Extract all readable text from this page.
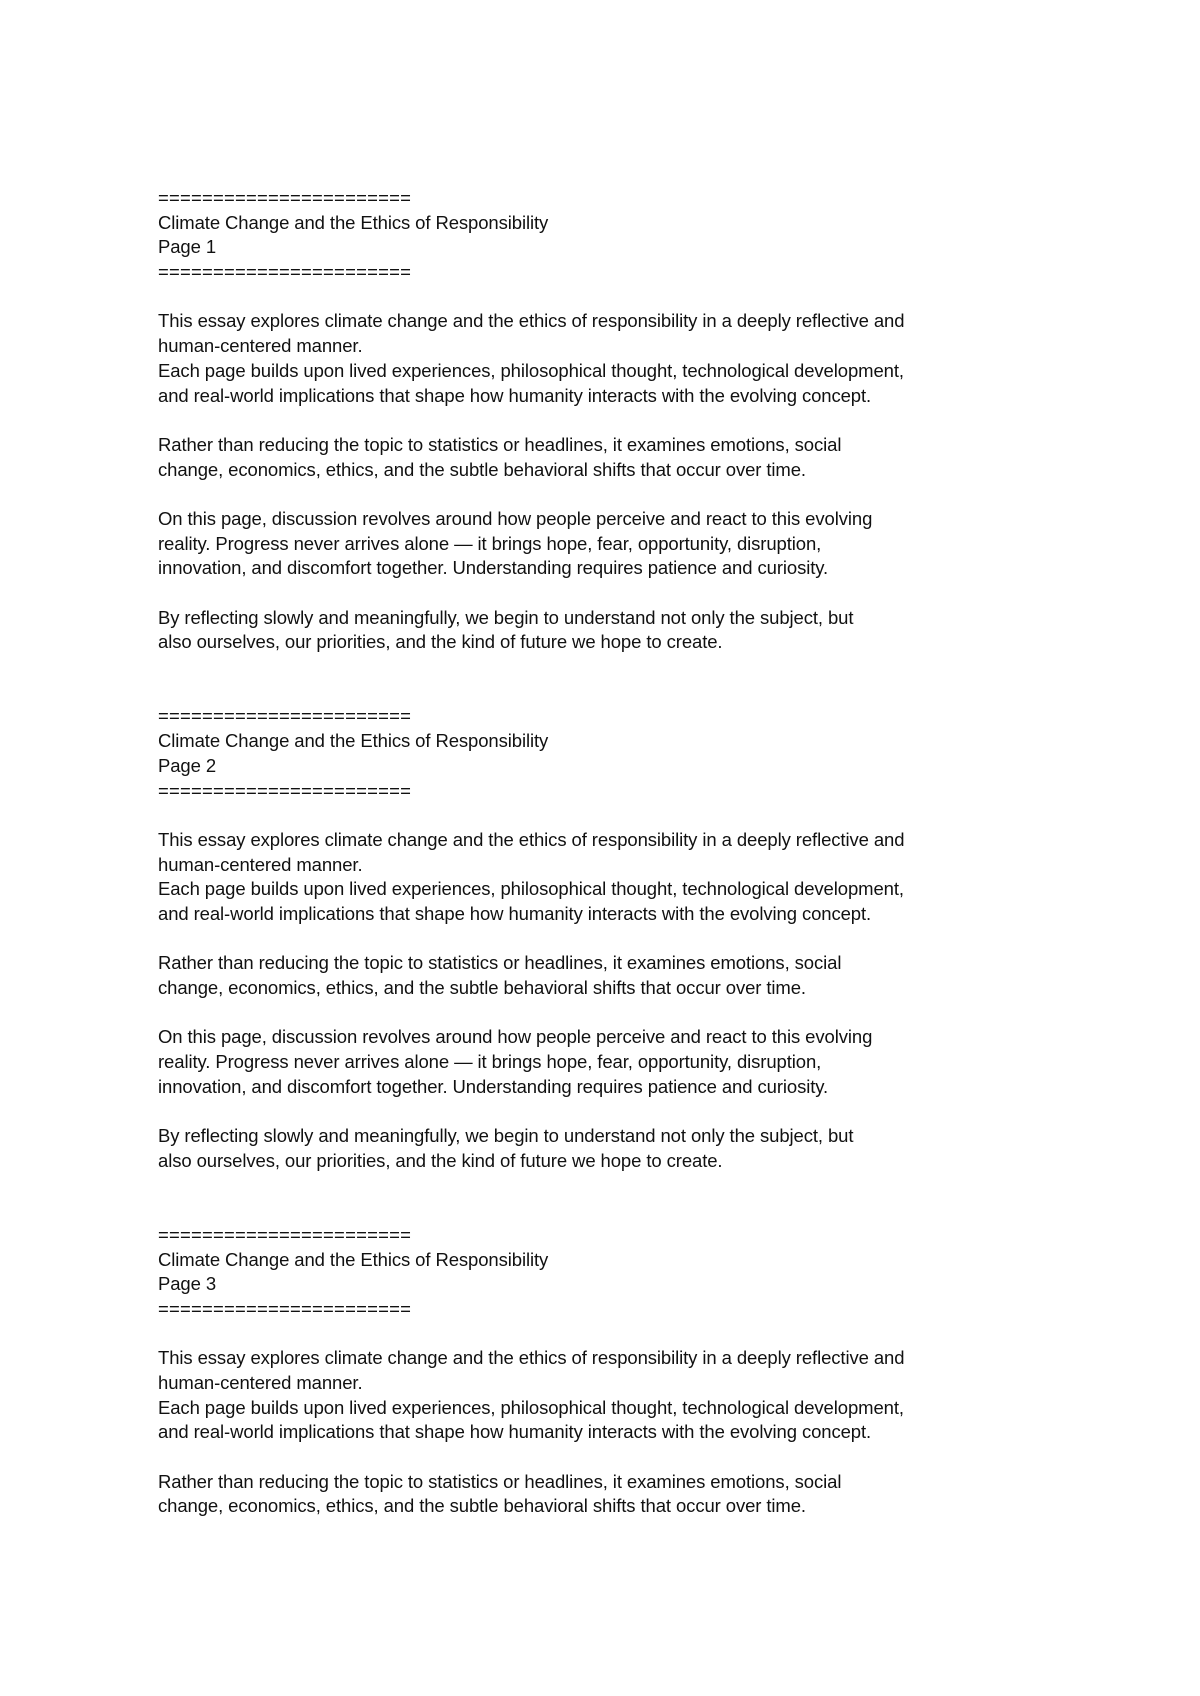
=======================
Climate Change and the Ethics of Responsibility
Page 1
=======================
This essay explores climate change and the ethics of responsibility in a deeply reflective and
human-centered manner.
Each page builds upon lived experiences, philosophical thought, technological development,
and real-world implications that shape how humanity interacts with the evolving concept.
Rather than reducing the topic to statistics or headlines, it examines emotions, social
change, economics, ethics, and the subtle behavioral shifts that occur over time.
On this page, discussion revolves around how people perceive and react to this evolving
reality. Progress never arrives alone — it brings hope, fear, opportunity, disruption,
innovation, and discomfort together. Understanding requires patience and curiosity.
By reflecting slowly and meaningfully, we begin to understand not only the subject, but
also ourselves, our priorities, and the kind of future we hope to create.
=======================
Climate Change and the Ethics of Responsibility
Page 2
=======================
This essay explores climate change and the ethics of responsibility in a deeply reflective and
human-centered manner.
Each page builds upon lived experiences, philosophical thought, technological development,
and real-world implications that shape how humanity interacts with the evolving concept.
Rather than reducing the topic to statistics or headlines, it examines emotions, social
change, economics, ethics, and the subtle behavioral shifts that occur over time.
On this page, discussion revolves around how people perceive and react to this evolving
reality. Progress never arrives alone — it brings hope, fear, opportunity, disruption,
innovation, and discomfort together. Understanding requires patience and curiosity.
By reflecting slowly and meaningfully, we begin to understand not only the subject, but
also ourselves, our priorities, and the kind of future we hope to create.
=======================
Climate Change and the Ethics of Responsibility
Page 3
=======================
This essay explores climate change and the ethics of responsibility in a deeply reflective and
human-centered manner.
Each page builds upon lived experiences, philosophical thought, technological development,
and real-world implications that shape how humanity interacts with the evolving concept.
Rather than reducing the topic to statistics or headlines, it examines emotions, social
change, economics, ethics, and the subtle behavioral shifts that occur over time.
